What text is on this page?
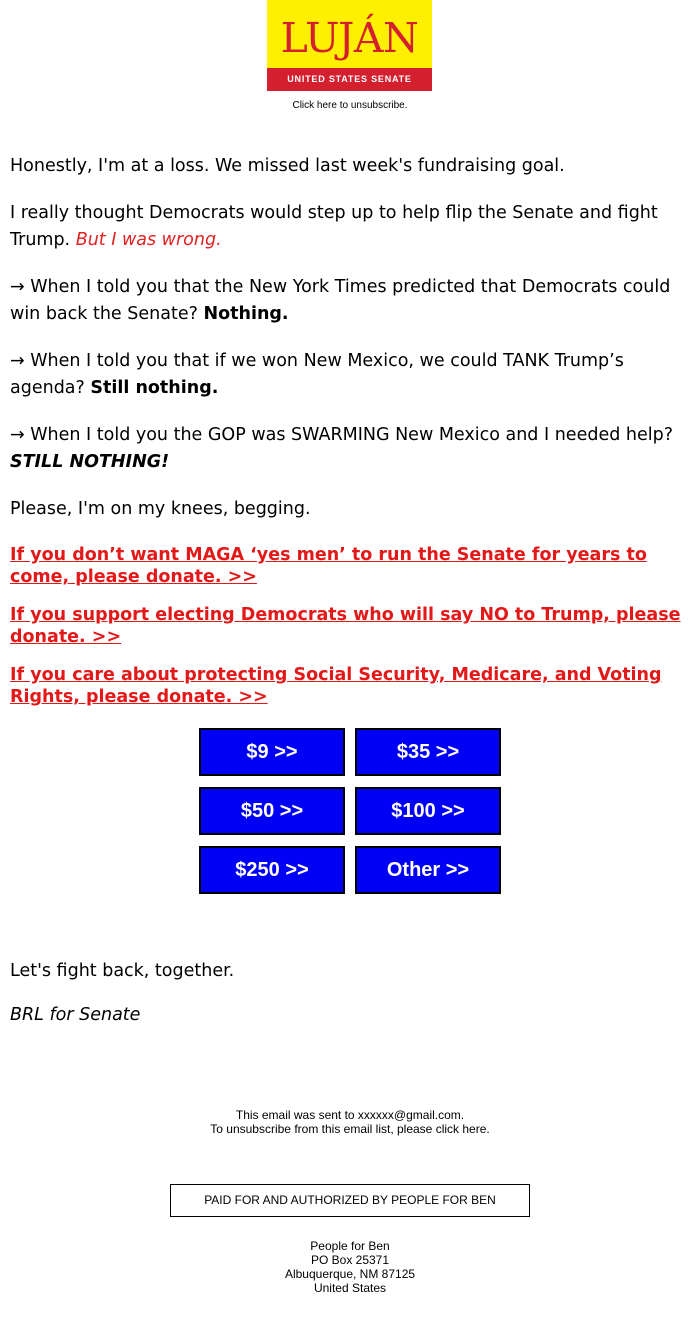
LUJÁN
UNITED STATES SENATE
Click here to unsubscribe.

Honestly, I'm at a loss. We missed last week's fundraising goal.

I really thought Democrats would step up to help flip the Senate and fight Trump. But I was wrong.

→ When I told you that the New York Times predicted that Democrats could win back the Senate? Nothing.

→ When I told you that if we won New Mexico, we could TANK Trump’s agenda? Still nothing.

→ When I told you the GOP was SWARMING New Mexico and I needed help? STILL NOTHING!

Please, I'm on my knees, begging.

If you don’t want MAGA ‘yes men’ to run the Senate for years to come, please donate. >>
If you support electing Democrats who will say NO to Trump, please donate. >>
If you care about protecting Social Security, Medicare, and Voting Rights, please donate. >>
$9 >>	$35 >>
$50 >>	$100 >>
$250 >>	Other >>

Let's fight back, together.

BRL for Senate

This email was sent to xxxxxx@gmail.com.

To unsubscribe from this email list, please click here.

PAID FOR AND AUTHORIZED BY PEOPLE FOR BEN

People for Ben

PO Box 25371

Albuquerque, NM 87125

United States
